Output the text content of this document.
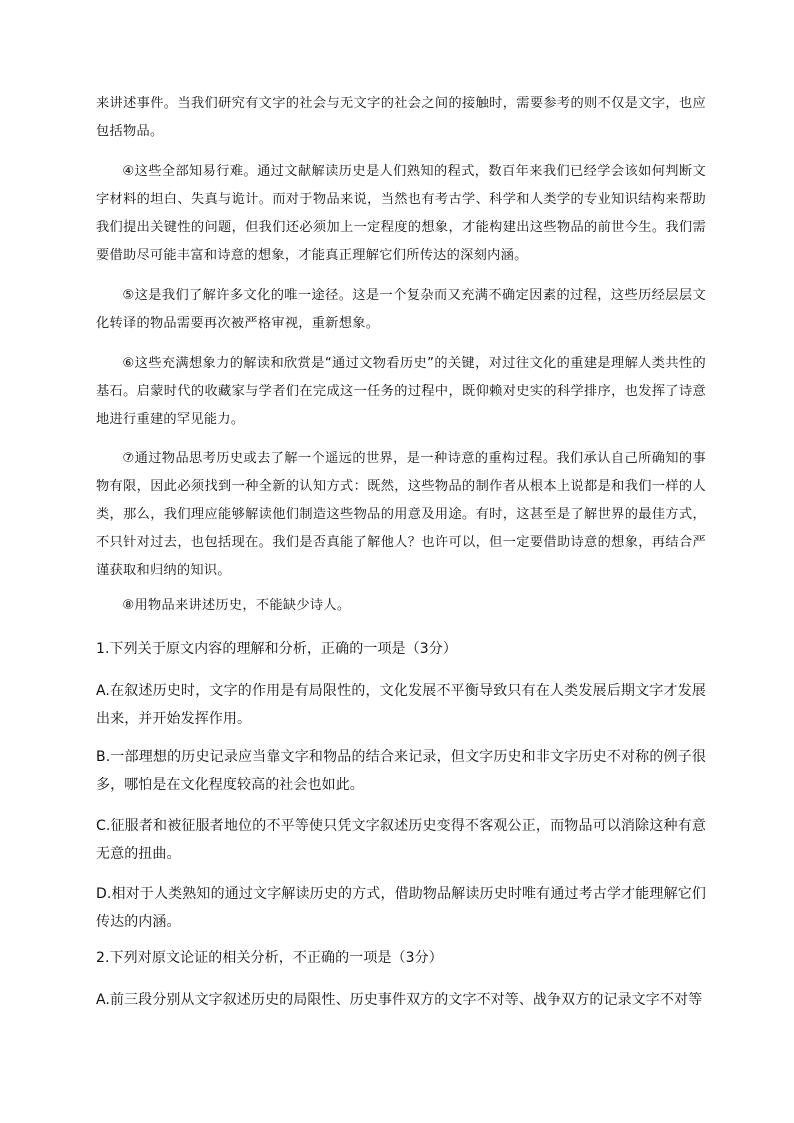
来讲述事件。当我们研究有文字的社会与无文字的社会之间的接触时，需要参考的则不仅是文字，也应包括物品。

④这些全部知易行难。通过文献解读历史是人们熟知的程式，数百年来我们已经学会该如何判断文字材料的坦白、失真与诡计。而对于物品来说，当然也有考古学、科学和人类学的专业知识结构来帮助我们提出关键性的问题，但我们还必须加上一定程度的想象，才能构建出这些物品的前世今生。我们需要借助尽可能丰富和诗意的想象，才能真正理解它们所传达的深刻内涵。

⑤这是我们了解许多文化的唯一途径。这是一个复杂而又充满不确定因素的过程，这些历经层层文化转译的物品需要再次被严格审视，重新想象。

⑥这些充满想象力的解读和欣赏是“通过文物看历史”的关键，对过往文化的重建是理解人类共性的基石。启蒙时代的收藏家与学者们在完成这一任务的过程中，既仰赖对史实的科学排序，也发挥了诗意地进行重建的罕见能力。

⑦通过物品思考历史或去了解一个遥远的世界，是一种诗意的重构过程。我们承认自己所确知的事物有限，因此必须找到一种全新的认知方式：既然，这些物品的制作者从根本上说都是和我们一样的人类，那么，我们理应能够解读他们制造这些物品的用意及用途。有时，这甚至是了解世界的最佳方式，不只针对过去，也包括现在。我们是否真能了解他人？也许可以，但一定要借助诗意的想象，再结合严谨获取和归纳的知识。

⑧用物品来讲述历史，不能缺少诗人。

1.下列关于原文内容的理解和分析，正确的一项是（3分）

A.在叙述历史时，文字的作用是有局限性的，文化发展不平衡导致只有在人类发展后期文字才发展出来，并开始发挥作用。

B.一部理想的历史记录应当靠文字和物品的结合来记录，但文字历史和非文字历史不对称的例子很多，哪怕是在文化程度较高的社会也如此。

C.征服者和被征服者地位的不平等使只凭文字叙述历史变得不客观公正，而物品可以消除这种有意无意的扭曲。

D.相对于人类熟知的通过文字解读历史的方式，借助物品解读历史时唯有通过考古学才能理解它们传达的内涵。

2.下列对原文论证的相关分析，不正确的一项是（3分）

A.前三段分别从文字叙述历史的局限性、历史事件双方的文字不对等、战争双方的记录文字不对等
